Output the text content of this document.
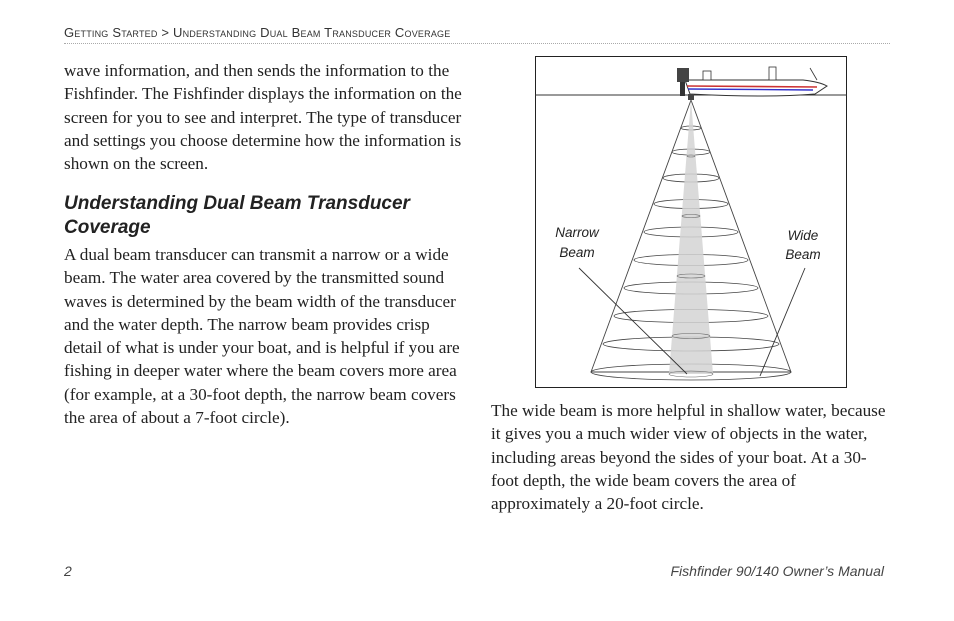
Getting Started > Understanding Dual Beam Transducer Coverage

wave information, and then sends the information to the Fishfinder. The Fishfinder displays the information on the screen for you to see and interpret. The type of transducer and settings you choose determine how the information is shown on the screen.

Understanding Dual Beam Transducer Coverage

A dual beam transducer can transmit a narrow or a wide beam. The water area covered by the transmitted sound waves is determined by the beam width of the transducer and the water depth. The narrow beam provides crisp detail of what is under your boat, and is helpful if you are fishing in deeper water where the beam covers more area (for example, at a 30-foot depth, the narrow beam covers the area of about a 7-foot circle).

Narrow
Beam
Wide
Beam

The wide beam is more helpful in shallow water, because it gives you a much wider view of objects in the water, including areas beyond the sides of your boat. At a 30-foot depth, the wide beam covers the area of approximately a 20-foot circle.

2	Fishfinder 90/140 Owner’s Manual
